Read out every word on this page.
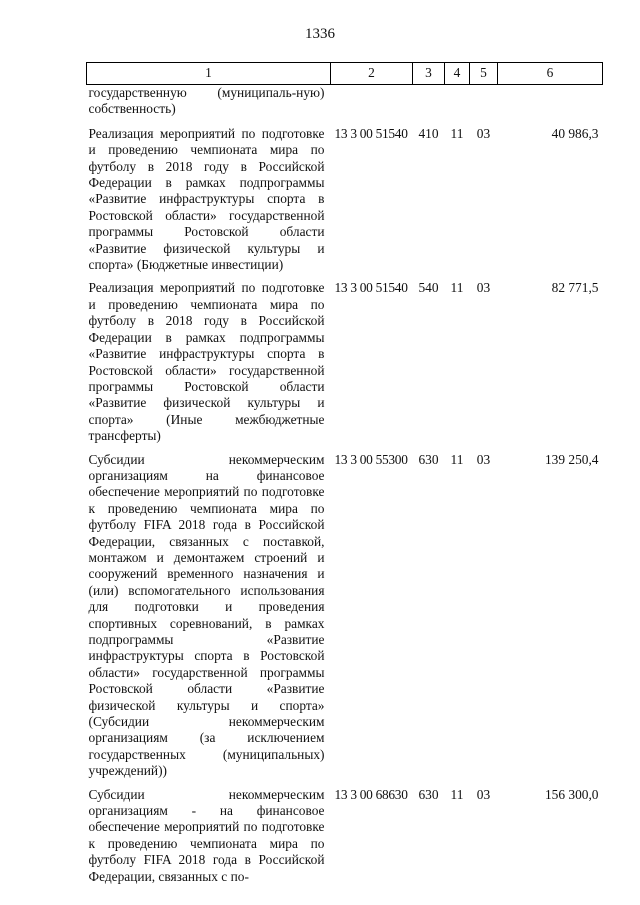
1336
1	2	3	4	5	6
государственную (муниципаль-ную) собственность)					
Реализация мероприятий по подготовке и проведению чемпионата мира по футболу в 2018 году в Российской Федерации в рамках подпрограммы «Развитие инфраструктуры спорта в Ростовской области» государственной программы Ростовской области «Развитие физической культуры и спорта» (Бюджетные инвестиции)	13 3 00 51540	410	11	03	40 986,3
Реализация мероприятий по подготовке и проведению чемпионата мира по футболу в 2018 году в Российской Федерации в рамках подпрограммы «Развитие инфраструктуры спорта в Ростовской области» государственной программы Ростовской области «Развитие физической культуры и спорта» (Иные межбюджетные трансферты)	13 3 00 51540	540	11	03	82 771,5
Субсидии некоммерческим организациям на финансовое обеспечение мероприятий по подготовке к проведению чемпионата мира по футболу FIFA 2018 года в Российской Федерации, связанных с поставкой, монтажом и демонтажем строений и сооружений временного назначения и (или) вспомогательного использования для подготовки и проведения спортивных соревнований, в рамках подпрограммы «Развитие инфраструктуры спорта в Ростовской области» государственной программы Ростовской области «Развитие физической культуры и спорта» (Субсидии некоммерческим организациям (за исключением государственных (муниципальных) учреждений))	13 3 00 55300	630	11	03	139 250,4
Субсидии некоммерческим организациям - на финансовое обеспечение мероприятий по подготовке к проведению чемпионата мира по футболу FIFA 2018 года в Российской Федерации, связанных с по-	13 3 00 68630	630	11	03	156 300,0
